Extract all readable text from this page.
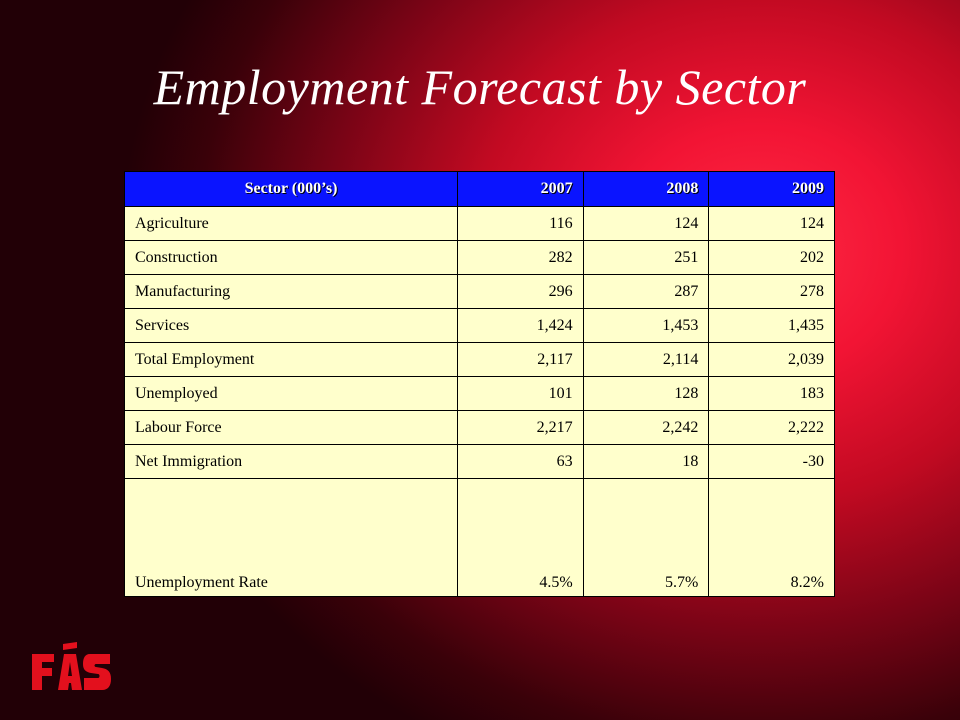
Employment Forecast by Sector
Sector (000’s)	2007	2008	2009
Agriculture	116	124	124
Construction	282	251	202
Manufacturing	296	287	278
Services	1,424	1,453	1,435
Total Employment	2,117	2,114	2,039
Unemployed	101	128	183
Labour Force	2,217	2,242	2,222
Net Immigration	63	18	-30
Unemployment Rate	4.5%	5.7%	8.2%
